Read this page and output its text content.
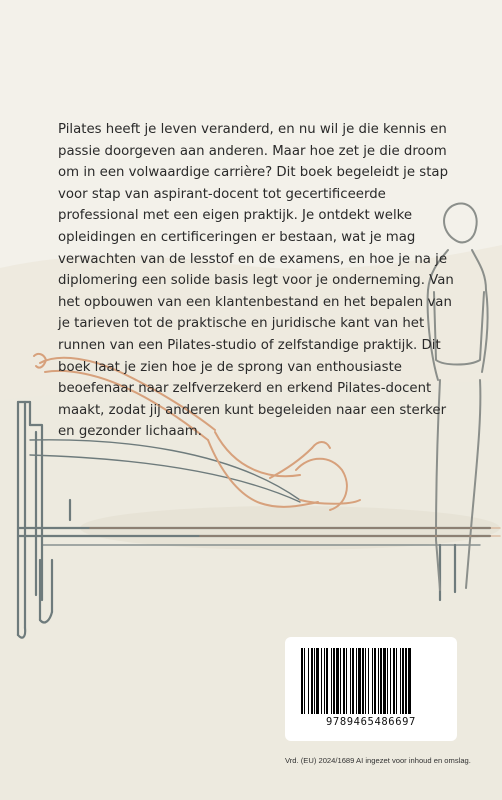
Pilates heeft je leven veranderd, en nu wil je die kennis en passie doorgeven aan anderen. Maar hoe zet je die droom om in een volwaardige carrière? Dit boek begeleidt je stap voor stap van aspirant-docent tot gecertificeerde professional met een eigen praktijk. Je ontdekt welke opleidingen en certificeringen er bestaan, wat je mag verwachten van de lesstof en de examens, en hoe je na je diplomering een solide basis legt voor je onderneming. Van het opbouwen van een klantenbestand en het bepalen van je tarieven tot de praktische en juridische kant van het runnen van een Pilates-studio of zelfstandige praktijk. Dit boek laat je zien hoe je de sprong van enthousiaste beoefenaar naar zelfverzekerd en erkend Pilates-docent maakt, zodat jij anderen kunt begeleiden naar een sterker en gezonder lichaam.

9789465486697
Vrd. (EU) 2024/1689 AI ingezet voor inhoud en omslag.
